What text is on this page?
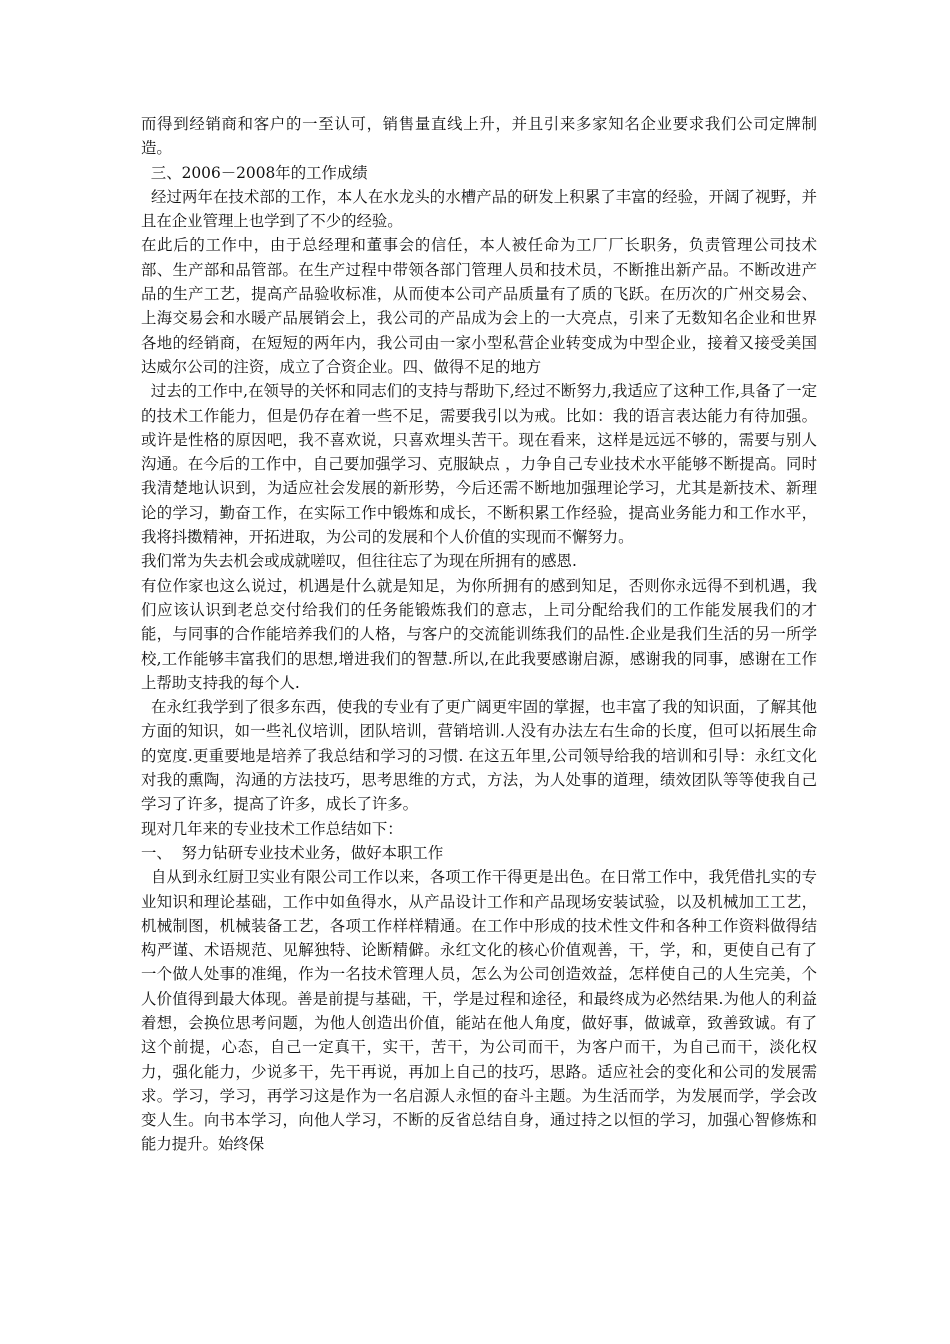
而得到经销商和客户的一至认可，销售量直线上升，并且引来多家知名企业要求我们公司定牌制造。

三、2006－2008年的工作成绩

经过两年在技术部的工作，本人在水龙头的水槽产品的研发上积累了丰富的经验，开阔了视野，并且在企业管理上也学到了不少的经验。

在此后的工作中，由于总经理和董事会的信任，本人被任命为工厂厂长职务，负责管理公司技术部、生产部和品管部。在生产过程中带领各部门管理人员和技术员，不断推出新产品。不断改进产品的生产工艺，提高产品验收标准，从而使本公司产品质量有了质的飞跃。在历次的广州交易会、上海交易会和水暖产品展销会上，我公司的产品成为会上的一大亮点，引来了无数知名企业和世界各地的经销商，在短短的两年内，我公司由一家小型私营企业转变成为中型企业，接着又接受美国达威尔公司的注资，成立了合资企业。四、做得不足的地方

过去的工作中,在领导的关怀和同志们的支持与帮助下,经过不断努力,我适应了这种工作,具备了一定的技术工作能力，但是仍存在着一些不足，需要我引以为戒。比如：我的语言表达能力有待加强。或许是性格的原因吧，我不喜欢说，只喜欢埋头苦干。现在看来，这样是远远不够的，需要与别人沟通。在今后的工作中，自己要加强学习、克服缺点 ，力争自己专业技术水平能够不断提高。同时我清楚地认识到，为适应社会发展的新形势，今后还需不断地加强理论学习，尤其是新技术、新理论的学习，勤奋工作，在实际工作中锻炼和成长，不断积累工作经验，提高业务能力和工作水平，我将抖擞精神，开拓进取，为公司的发展和个人价值的实现而不懈努力。

我们常为失去机会或成就嗟叹，但往往忘了为现在所拥有的感恩.

有位作家也这么说过，机遇是什么就是知足，为你所拥有的感到知足，否则你永远得不到机遇，我们应该认识到老总交付给我们的任务能锻炼我们的意志，上司分配给我们的工作能发展我们的才能，与同事的合作能培养我们的人格，与客户的交流能训练我们的品性.企业是我们生活的另一所学校,工作能够丰富我们的思想,增进我们的智慧.所以,在此我要感谢启源，感谢我的同事，感谢在工作上帮助支持我的每个人.

在永红我学到了很多东西，使我的专业有了更广阔更牢固的掌握，也丰富了我的知识面，了解其他方面的知识，如一些礼仪培训，团队培训，营销培训.人没有办法左右生命的长度，但可以拓展生命的宽度.更重要地是培养了我总结和学习的习惯. 在这五年里,公司领导给我的培训和引导：永红文化对我的熏陶，沟通的方法技巧，思考思维的方式，方法，为人处事的道理，绩效团队等等使我自己学习了许多，提高了许多，成长了许多。

现对几年来的专业技术工作总结如下：

一、  努力钻研专业技术业务，做好本职工作

自从到永红厨卫实业有限公司工作以来，各项工作干得更是出色。在日常工作中，我凭借扎实的专业知识和理论基础，工作中如鱼得水，从产品设计工作和产品现场安装试验，以及机械加工工艺，机械制图，机械装备工艺，各项工作样样精通。在工作中形成的技术性文件和各种工作资料做得结构严谨、术语规范、见解独特、论断精僻。永红文化的核心价值观善，干，学，和，更使自己有了一个做人处事的准绳，作为一名技术管理人员，怎么为公司创造效益，怎样使自己的人生完美，个人价值得到最大体现。善是前提与基础，干，学是过程和途径，和最终成为必然结果.为他人的利益着想，会换位思考问题，为他人创造出价值，能站在他人角度，做好事，做诚章，致善致诚。有了这个前提，心态，自己一定真干，实干，苦干，为公司而干，为客户而干，为自己而干，淡化权力，强化能力，少说多干，先干再说，再加上自己的技巧，思路。适应社会的变化和公司的发展需求。学习，学习，再学习这是作为一名启源人永恒的奋斗主题。为生活而学，为发展而学，学会改变人生。向书本学习，向他人学习，不断的反省总结自身，通过持之以恒的学习，加强心智修炼和能力提升。始终保
